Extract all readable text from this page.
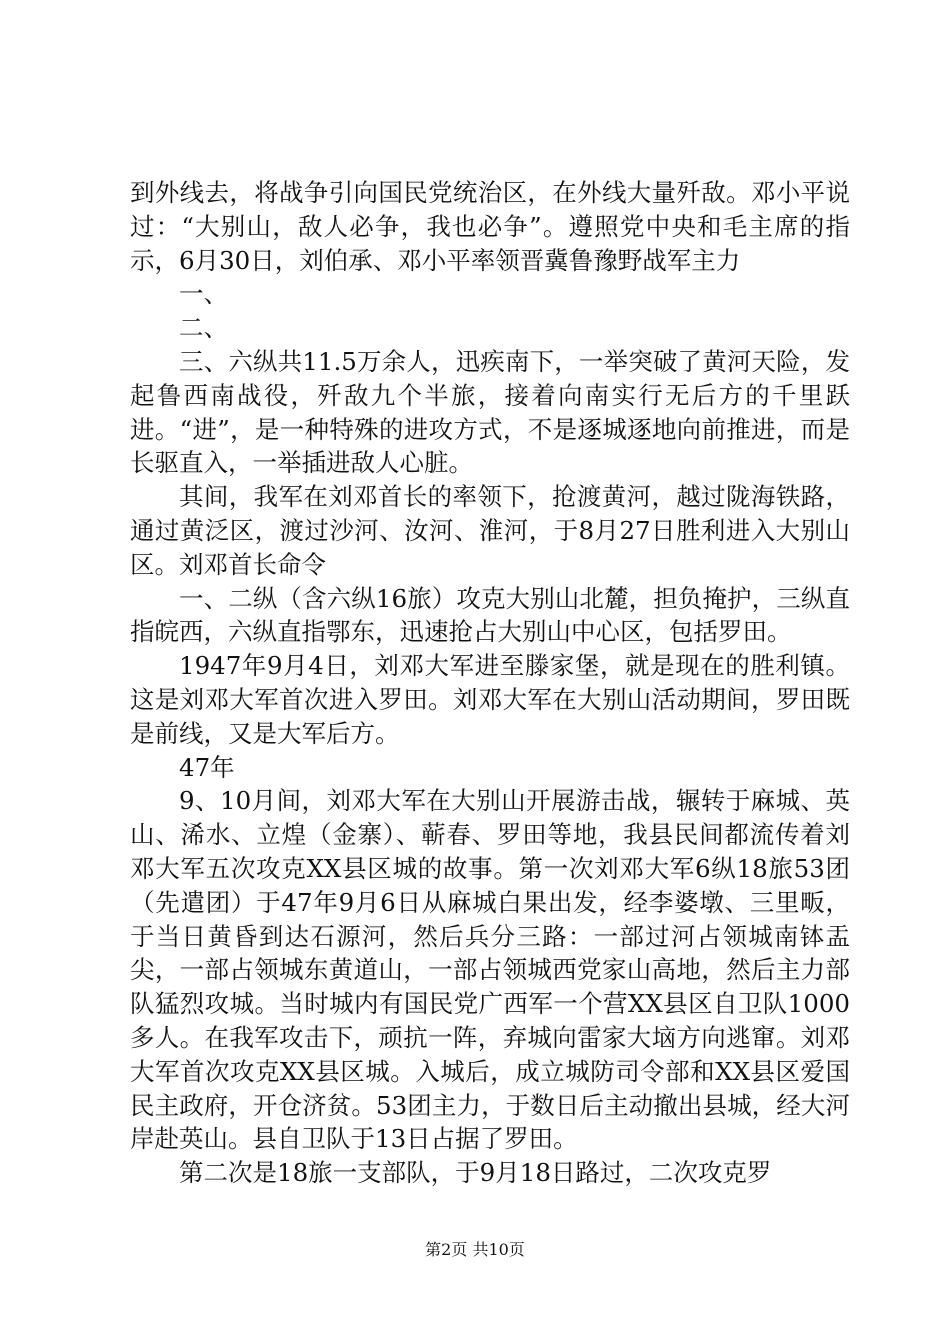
到外线去，将战争引向国民党统治区，在外线大量歼敌。邓小平说过：“大别山，敌人必争，我也必争”。遵照党中央和毛主席的指示，6月30日，刘伯承、邓小平率领晋冀鲁豫野战军主力

一、

二、

三、六纵共11.5万余人，迅疾南下，一举突破了黄河天险，发起鲁西南战役，歼敌九个半旅，接着向南实行无后方的千里跃进。“进”，是一种特殊的进攻方式，不是逐城逐地向前推进，而是长驱直入，一举插进敌人心脏。

其间，我军在刘邓首长的率领下，抢渡黄河，越过陇海铁路，通过黄泛区，渡过沙河、汝河、淮河，于8月27日胜利进入大别山区。刘邓首长命令

一、二纵（含六纵16旅）攻克大别山北麓，担负掩护，三纵直指皖西，六纵直指鄂东，迅速抢占大别山中心区，包括罗田。

1947年9月4日，刘邓大军进至滕家堡，就是现在的胜利镇。这是刘邓大军首次进入罗田。刘邓大军在大别山活动期间，罗田既是前线，又是大军后方。

47年

9、10月间，刘邓大军在大别山开展游击战，辗转于麻城、英山、浠水、立煌（金寨）、蕲春、罗田等地，我县民间都流传着刘邓大军五次攻克XX县区城的故事。第一次刘邓大军6纵18旅53团（先遣团）于47年9月6日从麻城白果出发，经李婆墩、三里畈，于当日黄昏到达石源河，然后兵分三路：一部过河占领城南钵盂尖，一部占领城东黄道山，一部占领城西党家山高地，然后主力部队猛烈攻城。当时城内有国民党广西军一个营XX县区自卫队1000多人。在我军攻击下，顽抗一阵，弃城向雷家大垴方向逃窜。刘邓大军首次攻克XX县区城。入城后，成立城防司令部和XX县区爱国民主政府，开仓济贫。53团主力，于数日后主动撤出县城，经大河岸赴英山。县自卫队于13日占据了罗田。

第二次是18旅一支部队，于9月18日路过，二次攻克罗

第2页 共10页
